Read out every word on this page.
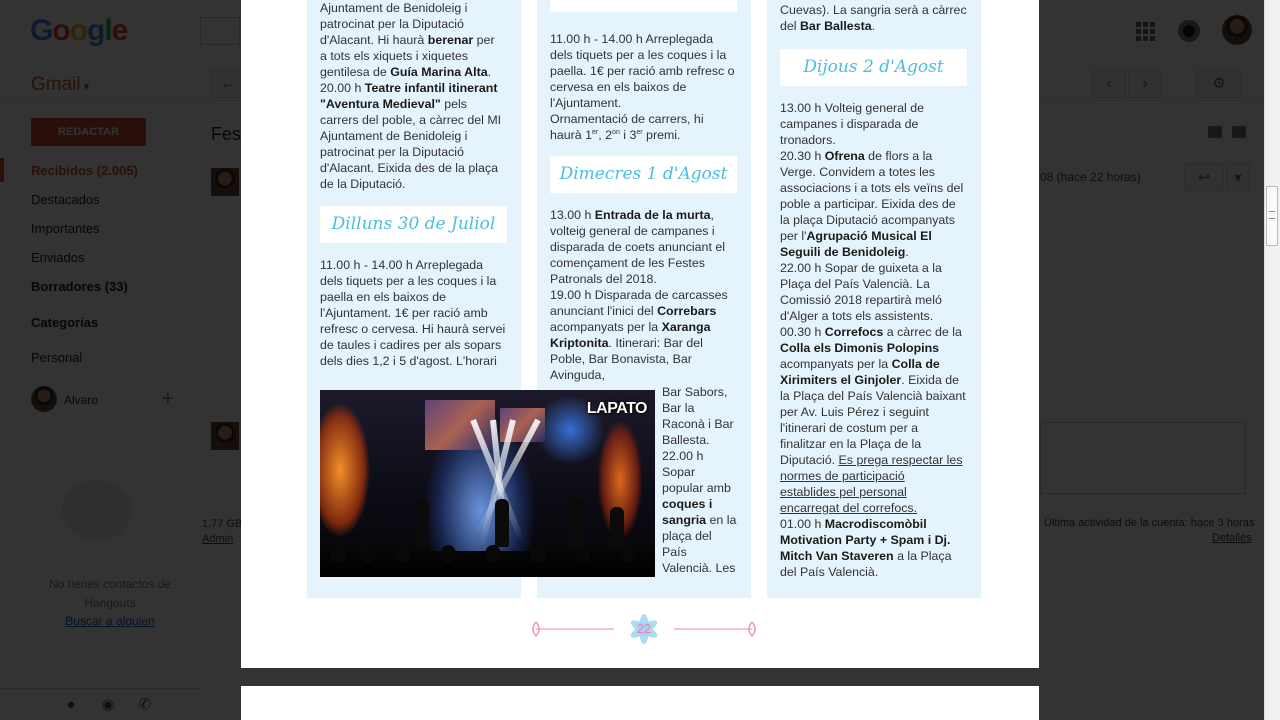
▾
Ajuntament de Benidoleig i
patrocinat per la Diputació
d'Alacant. Hi haurà berenar per
a tots els xiquets i xiquetes
gentilesa de Guía Marina Alta.
20.00 h Teatre infantil itinerant
"Aventura Medieval" pels
carrers del poble, a càrrec del MI
Ajuntament de Benidoleig i
patrocinat per la Diputació
d'Alacant. Eixida des de la plaça
de la Diputació.
Dilluns 30 de Juliol
11.00 h - 14.00 h Arreplegada
dels tiquets per a les coques i la
paella en els baixos de
l'Ajuntament. 1€ per ració amb
refresc o cervesa. Hi haurà servei
de taules i cadires per als sopars
dels dies 1,2 i 5 d'agost. L'horari
11.00 h - 14.00 h Arreplegada
dels tiquets per a les coques i la
paella. 1€ per ració amb refresc o
cervesa en els baixos de
l'Ajuntament.
Ornamentació de carrers, hi
haurà 1er, $2^{on}$ i 3er premi.
Dimecres 1 d'Agost
13.00 h Entrada de la murta,
volteig general de campanes i
disparada de coets anunciant el
començament de les Festes
Patronals del 2018.
19.00 h Disparada de carcasses
anunciant l'inici del Correbars
acompanyats per la Xaranga
Kriptonita. Itinerari: Bar del
Poble, Bar Bonavista, Bar
Avinguda,
Bar Sabors,
Bar la
Raconà i Bar
Ballesta.
22.00 h
Sopar
popular amb
coques i
sangria en la
plaça del
País
Valencià. Les
Cuevas). La sangria serà a càrrec
del Bar Ballesta.
Dijous 2 d'Agost
13.00 h Volteig general de
campanes i disparada de
tronadors.
20.30 h Ofrena de flors a la
Verge. Convidem a totes les
associacions i a tots els veïns del
poble a participar. Eixida des de
la plaça Diputació acompanyats
per l'Agrupació Musical El
Seguili de Benidoleig.
22.00 h Sopar de guixeta a la
Plaça del País Valencià. La
Comissió 2018 repartirà meló
d'Alger a tots els assistents.
00.30 h Correfocs a càrrec de la
Colla els Dimonis Polopins
acompanyats per la Colla de
Xirimiters el Ginjoler. Eixida de
la Plaça del País Valencià baixant
per Av. Luis Pérez i seguint
l'itinerari de costum per a
finalitzar en la Plaça de la
Diputació. Es prega respectar les
normes de participació
establides pel personal
encarregat del correfocs.
01.00 h Macrodiscomòbil
Motivation Party + Spam i Dj.
Mitch Van Staveren a la Plaça
del País Valencià.
LAPATO
22
